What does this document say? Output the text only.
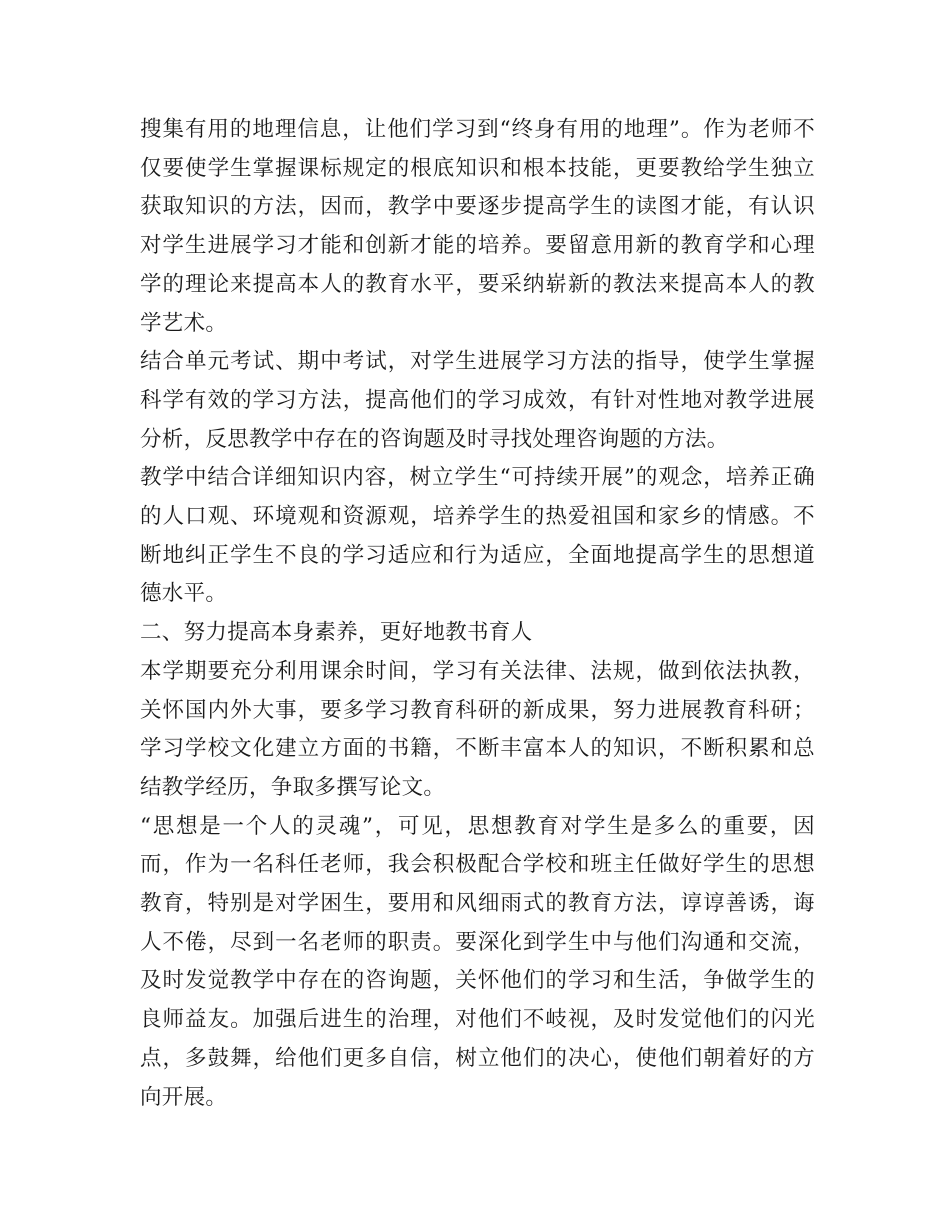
搜集有用的地理信息，让他们学习到“终身有用的地理”。作为老师不仅要使学生掌握课标规定的根底知识和根本技能，更要教给学生独立获取知识的方法，因而，教学中要逐步提高学生的读图才能，有认识对学生进展学习才能和创新才能的培养。要留意用新的教育学和心理学的理论来提高本人的教育水平，要采纳崭新的教法来提高本人的教学艺术。

结合单元考试、期中考试，对学生进展学习方法的指导，使学生掌握科学有效的学习方法，提高他们的学习成效，有针对性地对教学进展分析，反思教学中存在的咨询题及时寻找处理咨询题的方法。

教学中结合详细知识内容，树立学生“可持续开展”的观念，培养正确的人口观、环境观和资源观，培养学生的热爱祖国和家乡的情感。不断地纠正学生不良的学习适应和行为适应，全面地提高学生的思想道德水平。

二、努力提高本身素养，更好地教书育人

本学期要充分利用课余时间，学习有关法律、法规，做到依法执教，关怀国内外大事，要多学习教育科研的新成果，努力进展教育科研；学习学校文化建立方面的书籍，不断丰富本人的知识，不断积累和总结教学经历，争取多撰写论文。

“思想是一个人的灵魂”，可见，思想教育对学生是多么的重要，因而，作为一名科任老师，我会积极配合学校和班主任做好学生的思想教育，特别是对学困生，要用和风细雨式的教育方法，谆谆善诱，诲人不倦，尽到一名老师的职责。要深化到学生中与他们沟通和交流，及时发觉教学中存在的咨询题，关怀他们的学习和生活，争做学生的良师益友。加强后进生的治理，对他们不岐视，及时发觉他们的闪光点，多鼓舞，给他们更多自信，树立他们的决心，使他们朝着好的方向开展。
